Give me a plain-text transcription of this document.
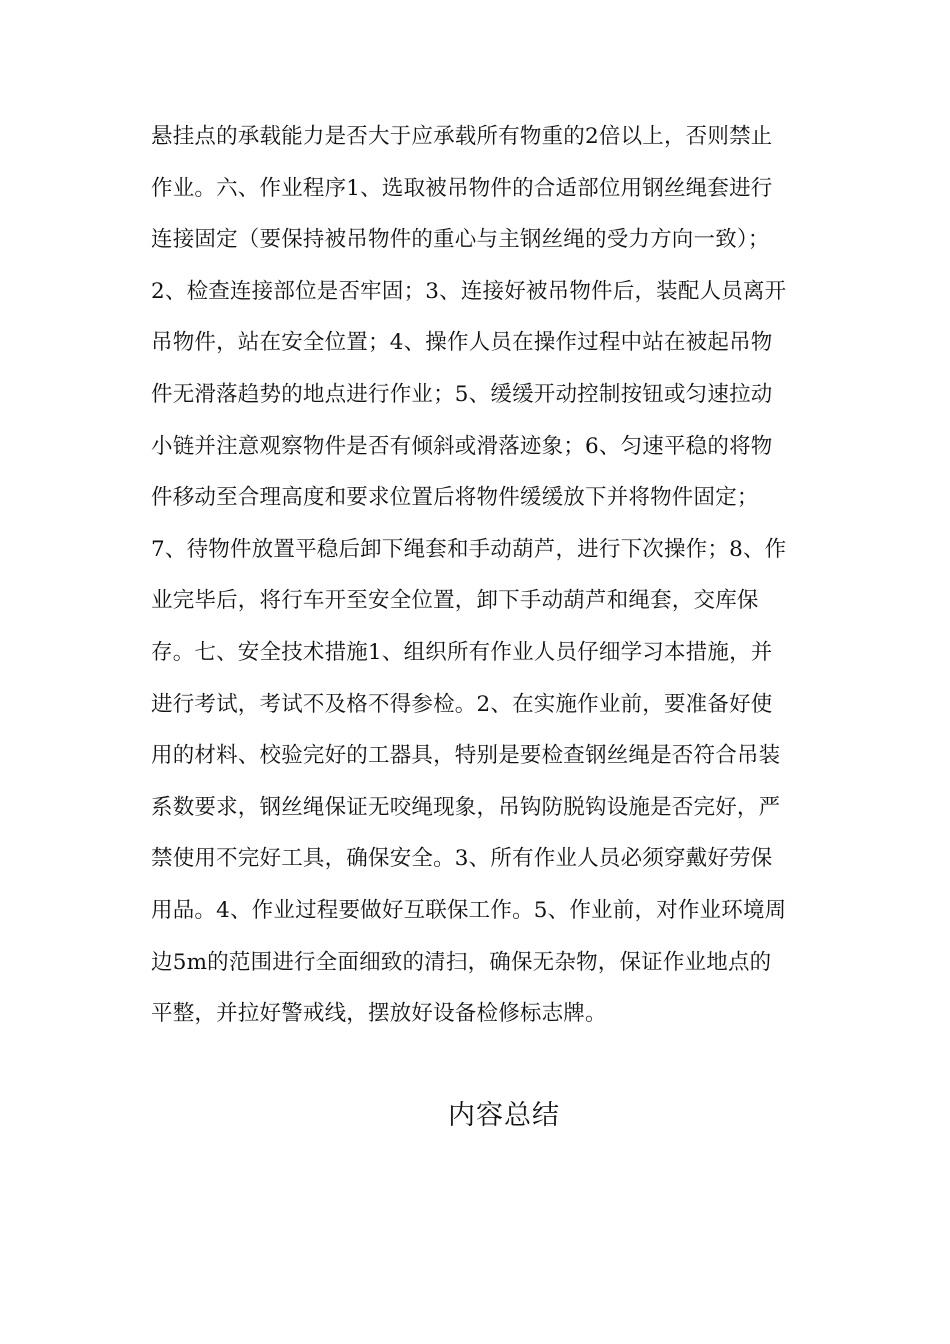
悬挂点的承载能力是否大于应承载所有物重的2倍以上，否则禁止
作业。六、作业程序1、选取被吊物件的合适部位用钢丝绳套进行
连接固定（要保持被吊物件的重心与主钢丝绳的受力方向一致）；
2、检查连接部位是否牢固；3、连接好被吊物件后，装配人员离开
吊物件，站在安全位置；4、操作人员在操作过程中站在被起吊物
件无滑落趋势的地点进行作业；5、缓缓开动控制按钮或匀速拉动
小链并注意观察物件是否有倾斜或滑落迹象；6、匀速平稳的将物
件移动至合理高度和要求位置后将物件缓缓放下并将物件固定；
7、待物件放置平稳后卸下绳套和手动葫芦，进行下次操作；8、作
业完毕后，将行车开至安全位置，卸下手动葫芦和绳套，交库保
存。七、安全技术措施1、组织所有作业人员仔细学习本措施，并
进行考试，考试不及格不得参检。2、在实施作业前，要准备好使
用的材料、校验完好的工器具，特别是要检查钢丝绳是否符合吊装
系数要求，钢丝绳保证无咬绳现象，吊钩防脱钩设施是否完好，严
禁使用不完好工具，确保安全。3、所有作业人员必须穿戴好劳保
用品。4、作业过程要做好互联保工作。5、作业前，对作业环境周
边5m的范围进行全面细致的清扫，确保无杂物，保证作业地点的
平整，并拉好警戒线，摆放好设备检修标志牌。
内容总结
